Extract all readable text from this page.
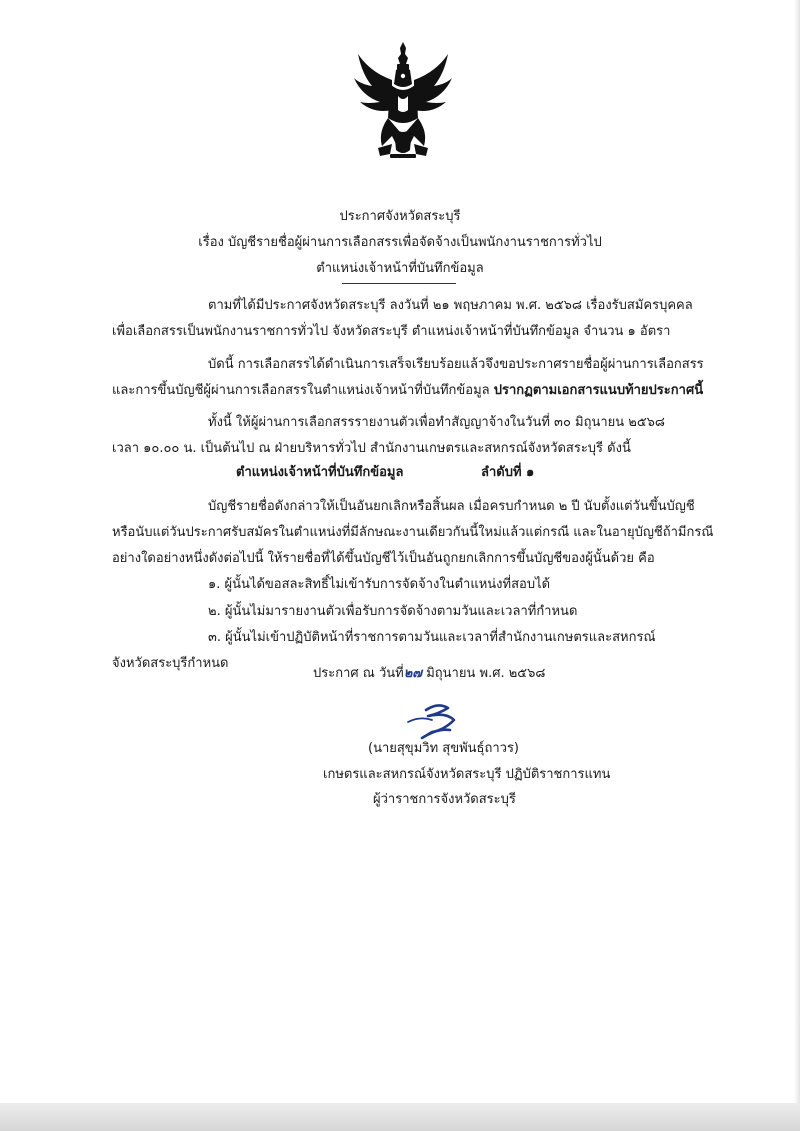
ประกาศจังหวัดสระบุรี
เรื่อง บัญชีรายชื่อผู้ผ่านการเลือกสรรเพื่อจัดจ้างเป็นพนักงานราชการทั่วไป
ตำแหน่งเจ้าหน้าที่บันทึกข้อมูล
ตามที่ได้มีประกาศจังหวัดสระบุรี ลงวันที่ ๒๑ พฤษภาคม พ.ศ. ๒๕๖๘ เรื่องรับสมัครบุคคล
เพื่อเลือกสรรเป็นพนักงานราชการทั่วไป จังหวัดสระบุรี ตำแหน่งเจ้าหน้าที่บันทึกข้อมูล จำนวน ๑ อัตรา
บัดนี้ การเลือกสรรได้ดำเนินการเสร็จเรียบร้อยแล้วจึงขอประกาศรายชื่อผู้ผ่านการเลือกสรร
และการขึ้นบัญชีผู้ผ่านการเลือกสรรในตำแหน่งเจ้าหน้าที่บันทึกข้อมูล ปรากฏตามเอกสารแนบท้ายประกาศนี้
ทั้งนี้ ให้ผู้ผ่านการเลือกสรรรายงานตัวเพื่อทำสัญญาจ้างในวันที่ ๓๐ มิถุนายน ๒๕๖๘
เวลา ๑๐.๐๐ น. เป็นต้นไป ณ ฝ่ายบริหารทั่วไป สำนักงานเกษตรและสหกรณ์จังหวัดสระบุรี ดังนี้
ตำแหน่งเจ้าหน้าที่บันทึกข้อมูล	ลำดับที่ ๑
บัญชีรายชื่อดังกล่าวให้เป็นอันยกเลิกหรือสิ้นผล เมื่อครบกำหนด ๒ ปี นับตั้งแต่วันขึ้นบัญชี
หรือนับแต่วันประกาศรับสมัครในตำแหน่งที่มีลักษณะงานเดียวกันนี้ใหม่แล้วแต่กรณี และในอายุบัญชีถ้ามีกรณี
อย่างใดอย่างหนึ่งดังต่อไปนี้ ให้รายชื่อที่ได้ขึ้นบัญชีไว้เป็นอันถูกยกเลิกการขึ้นบัญชีของผู้นั้นด้วย คือ
๑. ผู้นั้นได้ขอสละสิทธิ์ไม่เข้ารับการจัดจ้างในตำแหน่งที่สอบได้
๒. ผู้นั้นไม่มารายงานตัวเพื่อรับการจัดจ้างตามวันและเวลาที่กำหนด
๓. ผู้นั้นไม่เข้าปฏิบัติหน้าที่ราชการตามวันและเวลาที่สำนักงานเกษตรและสหกรณ์
จังหวัดสระบุรีกำหนด
ประกาศ ณ วันที่๒๗ มิถุนายน พ.ศ. ๒๕๖๘
(นายสุขุมวิท สุขพันธุ์ถาวร)
เกษตรและสหกรณ์จังหวัดสระบุรี ปฏิบัติราชการแทน
ผู้ว่าราชการจังหวัดสระบุรี
